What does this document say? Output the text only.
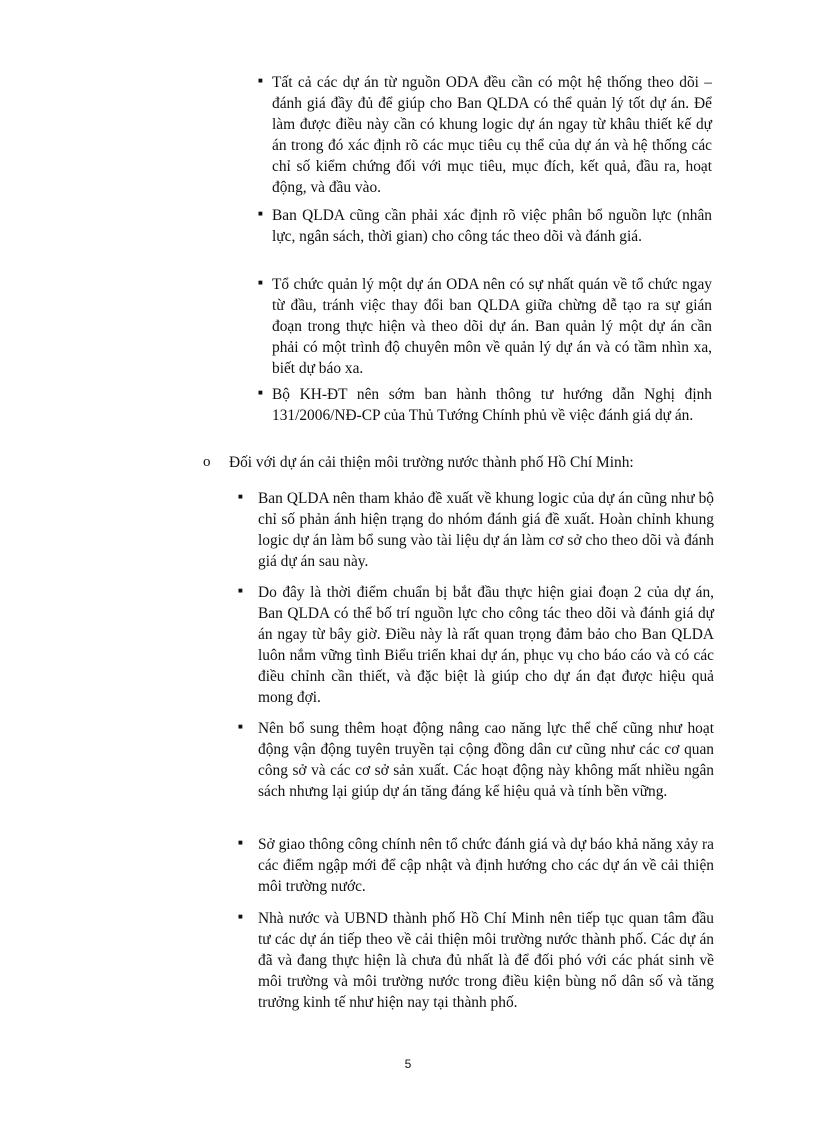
■
Tất cả các dự án từ nguồn ODA đều cần có một hệ thống theo dõi – đánh giá đầy đủ để giúp cho Ban QLDA có thể quản lý tốt dự án. Để làm được điều này cần có khung logic dự án ngay từ khâu thiết kế dự án trong đó xác định rõ các mục tiêu cụ thể của dự án và hệ thống các chỉ số kiểm chứng đối với mục tiêu, mục đích, kết quả, đầu ra, hoạt động, và đầu vào.
■
Ban QLDA cũng cần phải xác định rõ việc phân bổ nguồn lực (nhân lực, ngân sách, thời gian) cho công tác theo dõi và đánh giá.
■
Tổ chức quản lý một dự án ODA nên có sự nhất quán về tổ chức ngay từ đầu, tránh việc thay đổi ban QLDA giữa chừng dễ tạo ra sự gián đoạn trong thực hiện và theo dõi dự án. Ban quản lý một dự án cần phải có một trình độ chuyên môn về quản lý dự án và có tầm nhìn xa, biết dự báo xa.
■
Bộ KH-ĐT nên sớm ban hành thông tư hướng dẫn Nghị định 131/2006/NĐ-CP của Thủ Tướng Chính phủ về việc đánh giá dự án.
o	Đối với dự án cải thiện môi trường nước thành phố Hồ Chí Minh:
■
Ban QLDA nên tham khảo đề xuất về khung logic của dự án cũng như bộ chỉ số phản ánh hiện trạng do nhóm đánh giá đề xuất. Hoàn chỉnh khung logic dự án làm bổ sung vào tài liệu dự án làm cơ sở cho theo dõi và đánh giá dự án sau này.
■
Do đây là thời điểm chuẩn bị bắt đầu thực hiện giai đoạn 2 của dự án, Ban QLDA có thể bố trí nguồn lực cho công tác theo dõi và đánh giá dự án ngay từ bây giờ. Điều này là rất quan trọng đảm bảo cho Ban QLDA luôn nắm vững tình Biểu triển khai dự án, phục vụ cho báo cáo và có các điều chỉnh cần thiết, và đặc biệt là giúp cho dự án đạt được hiệu quả mong đợi.
■
Nên bổ sung thêm hoạt động nâng cao năng lực thể chế cũng như hoạt động vận động tuyên truyền tại cộng đồng dân cư cũng như các cơ quan công sở và các cơ sở sản xuất. Các hoạt động này không mất nhiều ngân sách nhưng lại giúp dự án tăng đáng kể hiệu quả và tính bền vững.
■
Sở giao thông công chính nên tổ chức đánh giá và dự báo khả năng xảy ra các điểm ngập mới để cập nhật và định hướng cho các dự án về cải thiện môi trường nước.
■
Nhà nước và UBND thành phố Hồ Chí Minh nên tiếp tục quan tâm đầu tư các dự án tiếp theo về cải thiện môi trường nước thành phố. Các dự án đã và đang thực hiện là chưa đủ nhất là để đối phó với các phát sinh về môi trường và môi trường nước trong điều kiện bùng nổ dân số và tăng trưởng kinh tế như hiện nay tại thành phố.
5
